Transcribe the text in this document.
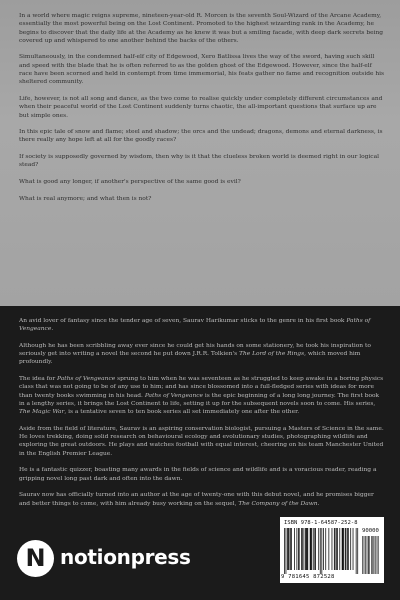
In a world where magic reigns supreme, nineteen-year-old R. Morcen is the seventh Soul-Wizard of the Arcane Academy, essentially the most powerful being on the Lost Continent. Promoted to the highest wizarding rank in the Academy, he begins to discover that the daily life at the Academy as he knew it was but a smiling facade, with deep dark secrets being covered up and whispered to one another behind the backs of the others.

Simultaneously, in the condemned half-elf city of Edgewood, Xero Batlissa lives the way of the sword, having such skill and speed with the blade that he is often referred to as the golden ghost of the Edgewood. However, since the half-elf race have been scorned and held in contempt from time immemorial, his feats gather no fame and recognition outside his sheltered community.

Life, however, is not all song and dance, as the two come to realise quickly under completely different circumstances and when their peaceful world of the Lost Continent suddenly turns chaotic, the all-important questions that surface up are but simple ones.

In this epic tale of snow and flame; steel and shadow; the orcs and the undead; dragons, demons and eternal darkness, is there really any hope left at all for the goodly races?

If society is supposedly governed by wisdom, then why is it that the clueless broken world is deemed right in our logical stead?

What is good any longer, if another's perspective of the same good is evil?

What is real anymore; and what then is not?

An avid lover of fantasy since the tender age of seven, Saurav Harikumar sticks to the genre in his first book Paths of Vengeance.

Although he has been scribbling away ever since he could get his hands on some stationery, he took his inspiration to seriously get into writing a novel the second he put down J.R.R. Tolkien's The Lord of the Rings, which moved him profoundly.

The idea for Paths of Vengeance sprung to him when he was seventeen as he struggled to keep awake in a boring physics class that was not going to be of any use to him; and has since blossomed into a full-fledged series with ideas for more than twenty books swimming in his head. Paths of Vengeance is the epic beginning of a long long journey. The first book in a lengthy series, it brings the Lost Continent to life, setting it up for the subsequent novels soon to come. His series, The Magic War, is a tentative seven to ten book series all set immediately one after the other.

Aside from the field of literature, Saurav is an aspiring conservation biologist, pursuing a Masters of Science in the same. He loves trekking, doing solid research on behavioural ecology and evolutionary studies, photographing wildlife and exploring the great outdoors. He plays and watches football with equal interest, cheering on his team Manchester United in the English Premier League.

He is a fantastic quizzer, boasting many awards in the fields of science and wildlife and is a voracious reader, reading a gripping novel long past dark and often into the dawn.

Saurav now has officially turned into an author at the age of twenty-one with this debut novel, and he promises bigger and better things to come, with him already busy working on the sequel, The Company of the Dawn.

N notionpress
ISBN 978-1-64587-252-8
9 781645 872528
90000
